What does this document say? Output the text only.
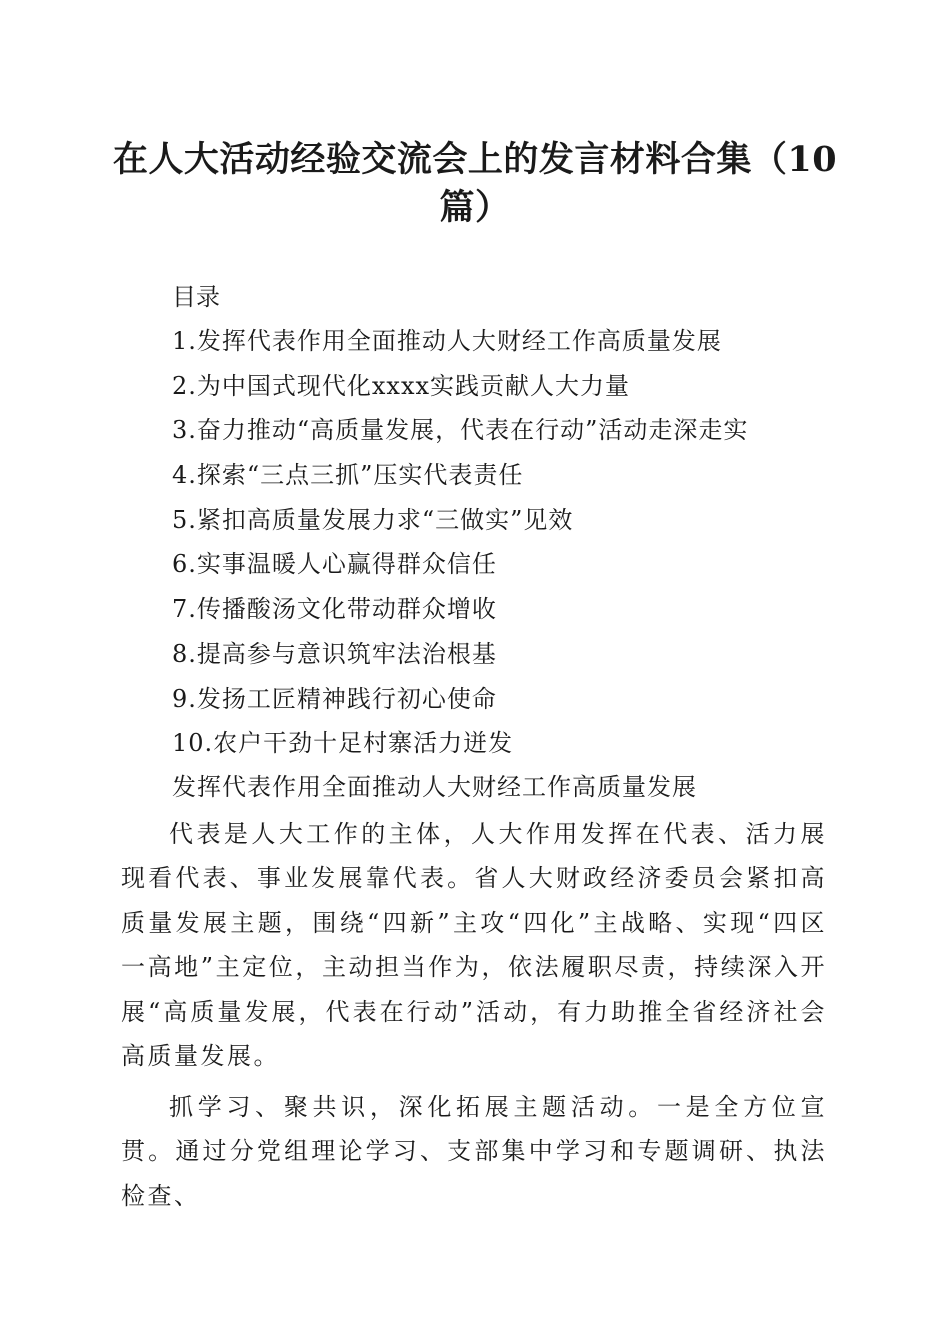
在人大活动经验交流会上的发言材料合集（10篇）
目录
1.发挥代表作用全面推动人大财经工作高质量发展
2.为中国式现代化xxxx实践贡献人大力量
3.奋力推动“高质量发展，代表在行动”活动走深走实
4.探索“三点三抓”压实代表责任
5.紧扣高质量发展力求“三做实”见效
6.实事温暖人心赢得群众信任
7.传播酸汤文化带动群众增收
8.提高参与意识筑牢法治根基
9.发扬工匠精神践行初心使命
10.农户干劲十足村寨活力迸发
发挥代表作用全面推动人大财经工作高质量发展

代表是人大工作的主体，人大作用发挥在代表、活力展现看代表、事业发展靠代表。省人大财政经济委员会紧扣高质量发展主题，围绕“四新”主攻“四化”主战略、实现“四区一高地”主定位，主动担当作为，依法履职尽责，持续深入开展“高质量发展，代表在行动”活动，有力助推全省经济社会高质量发展。

抓学习、聚共识，深化拓展主题活动。一是全方位宣贯。通过分党组理论学习、支部集中学习和专题调研、执法检查、
